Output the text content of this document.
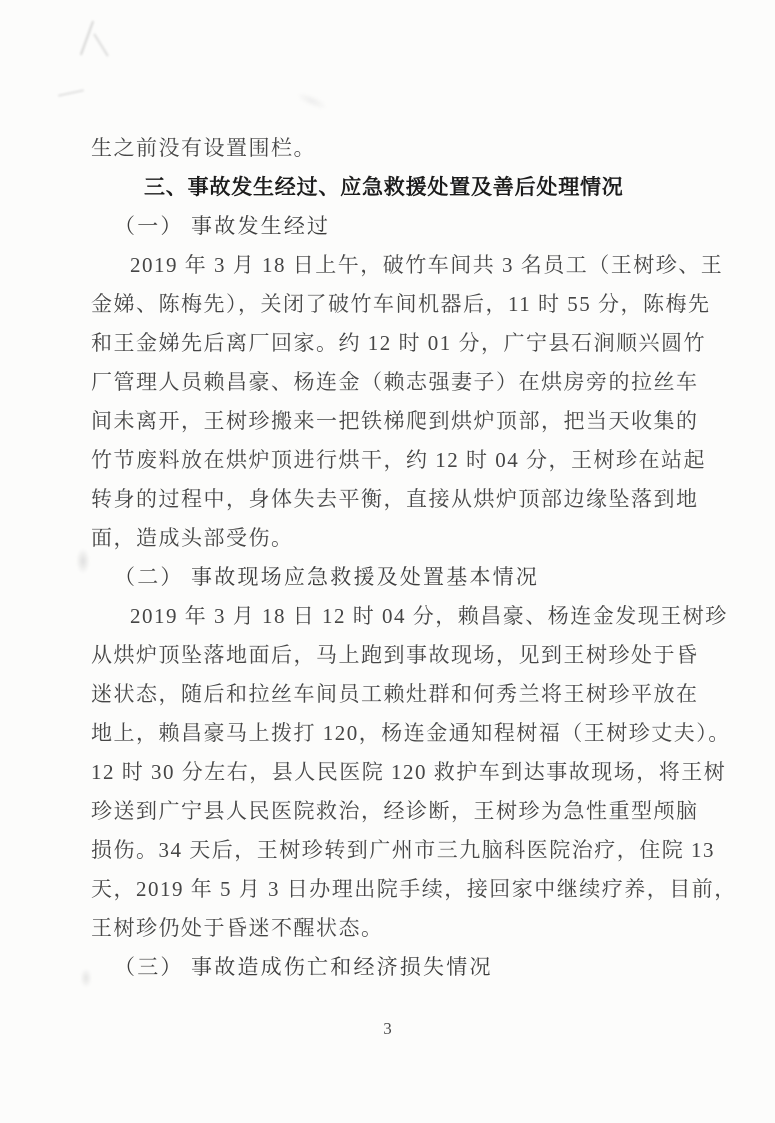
生之前没有设置围栏。
三、事故发生经过、应急救援处置及善后处理情况
（一） 事故发生经过
2019 年 3 月 18 日上午，破竹车间共 3 名员工（王树珍、王
金娣、陈梅先），关闭了破竹车间机器后，11 时 55 分，陈梅先
和王金娣先后离厂回家。约 12 时 01 分，广宁县石涧顺兴圆竹
厂管理人员赖昌豪、杨连金（赖志强妻子）在烘房旁的拉丝车
间未离开，王树珍搬来一把铁梯爬到烘炉顶部，把当天收集的
竹节废料放在烘炉顶进行烘干，约 12 时 04 分，王树珍在站起
转身的过程中，身体失去平衡，直接从烘炉顶部边缘坠落到地
面，造成头部受伤。
（二） 事故现场应急救援及处置基本情况
2019 年 3 月 18 日 12 时 04 分，赖昌豪、杨连金发现王树珍
从烘炉顶坠落地面后，马上跑到事故现场，见到王树珍处于昏
迷状态，随后和拉丝车间员工赖灶群和何秀兰将王树珍平放在
地上，赖昌豪马上拨打 120，杨连金通知程树福（王树珍丈夫）。
12 时 30 分左右，县人民医院 120 救护车到达事故现场，将王树
珍送到广宁县人民医院救治，经诊断，王树珍为急性重型颅脑
损伤。34 天后，王树珍转到广州市三九脑科医院治疗，住院 13
天，2019 年 5 月 3 日办理出院手续，接回家中继续疗养，目前，
王树珍仍处于昏迷不醒状态。
（三） 事故造成伤亡和经济损失情况
3
